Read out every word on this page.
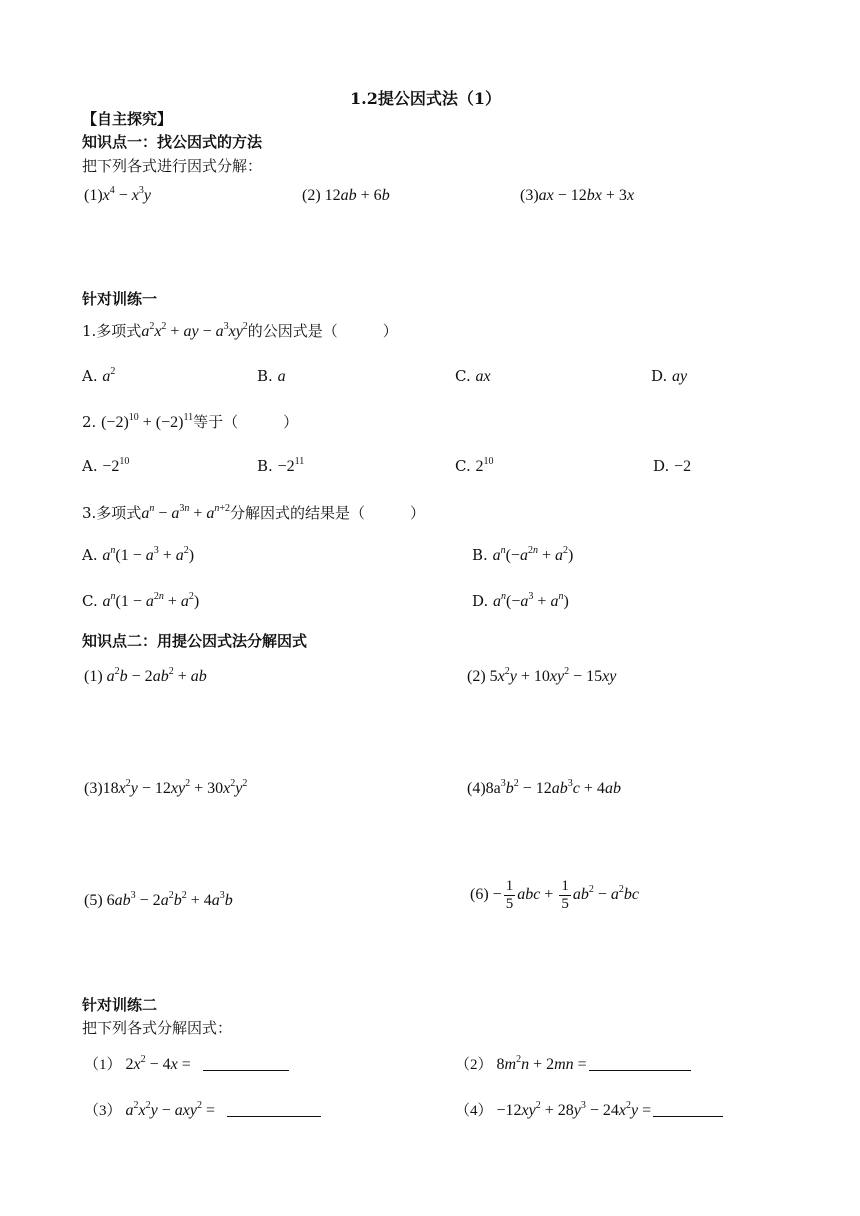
1.2提公因式法（1）
【自主探究】
知识点一：找公因式的方法
把下列各式进行因式分解：
$(1)x^4 - x^3y$	(2) 12ab + 6b	(3)ax − 12bx + 3x
针对训练一
1.多项式$a^2x^2$ + ay − $a^3xy^2$的公因式是（　　　）
A. $a^2$	B. a	C. ax	D. ay
2. $(-2)^{10} + (-2)^{11}$等于（　　　）
A. $-2^{10}$	B. $-2^{11}$	C. $2^{10}$	D. −2
3.多项式$a^n - a^{3n} + a^{n+2}$分解因式的结果是（　　　）
A. $a^n(1 - a^3 + a^2)$	B. $a^n(-a^{2n} + a^2)$
C. $a^n(1 - a^{2n} + a^2)$	D. $a^n(-a^3 + a^n)$
知识点二：用提公因式法分解因式
(1) $a^2b - 2ab^2$ + ab	(2) $5x^2y + 10xy^2 - 15xy$
$(3)18x^2y - 12xy^2 + 30x^2y^2$	$(4)8a^3b^2 - 12ab^3c + 4ab$
(5) $6ab^3 - 2a^2b^2 + 4a^3b$	$(6) - \frac{1}{5}$ abc + $\frac{1}{5} ab^2 - a^2bc$
针对训练二
把下列各式分解因式：
（1） $2x^2 - 4x$ =	（2） $8m^2n + 2mn$ =
（3） $a^2x^2y - axy^2$ =	$(4) -12xy^2 + 28y^3 - 24x^2y$ =
